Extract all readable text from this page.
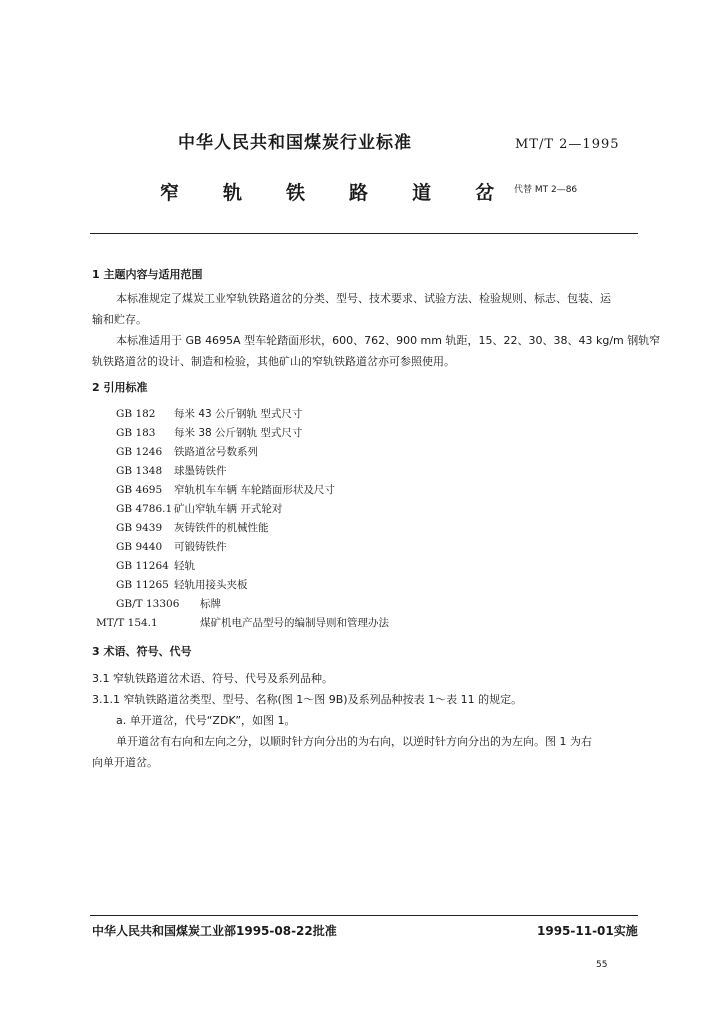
中华人民共和国煤炭行业标准	MT/T 2—1995
窄 轨 铁 路 道 岔	代替 MT 2—86
1 主题内容与适用范围
本标准规定了煤炭工业窄轨铁路道岔的分类、型号、技术要求、试验方法、检验规则、标志、包装、运
输和贮存。
本标准适用于 GB 4695A 型车轮踏面形状，600、762、900 mm 轨距，15、22、30、38、43 kg/m 钢轨窄
轨铁路道岔的设计、制造和检验，其他矿山的窄轨铁路道岔亦可参照使用。
2 引用标准
GB 182 每米 43 公斤钢轨 型式尺寸
GB 183 每米 38 公斤钢轨 型式尺寸
GB 1246 铁路道岔号数系列
GB 1348 球墨铸铁件
GB 4695 窄轨机车车辆 车轮踏面形状及尺寸
GB 4786.1 矿山窄轨车辆 开式轮对
GB 9439 灰铸铁件的机械性能
GB 9440 可锻铸铁件
GB 11264 轻轨
GB 11265 轻轨用接头夹板
GB/T 13306 标牌
MT/T 154.1	煤矿机电产品型号的编制导则和管理办法
3 术语、符号、代号
3.1 窄轨铁路道岔术语、符号、代号及系列品种。
3.1.1 窄轨铁路道岔类型、型号、名称(图 1～图 9B)及系列品种按表 1～表 11 的规定。
a. 单开道岔，代号“ZDK”，如图 1。
单开道岔有右向和左向之分，以顺时针方向分出的为右向，以逆时针方向分出的为左向。图 1 为右
向单开道岔。
中华人民共和国煤炭工业部1995-08-22批准	1995-11-01实施
55
